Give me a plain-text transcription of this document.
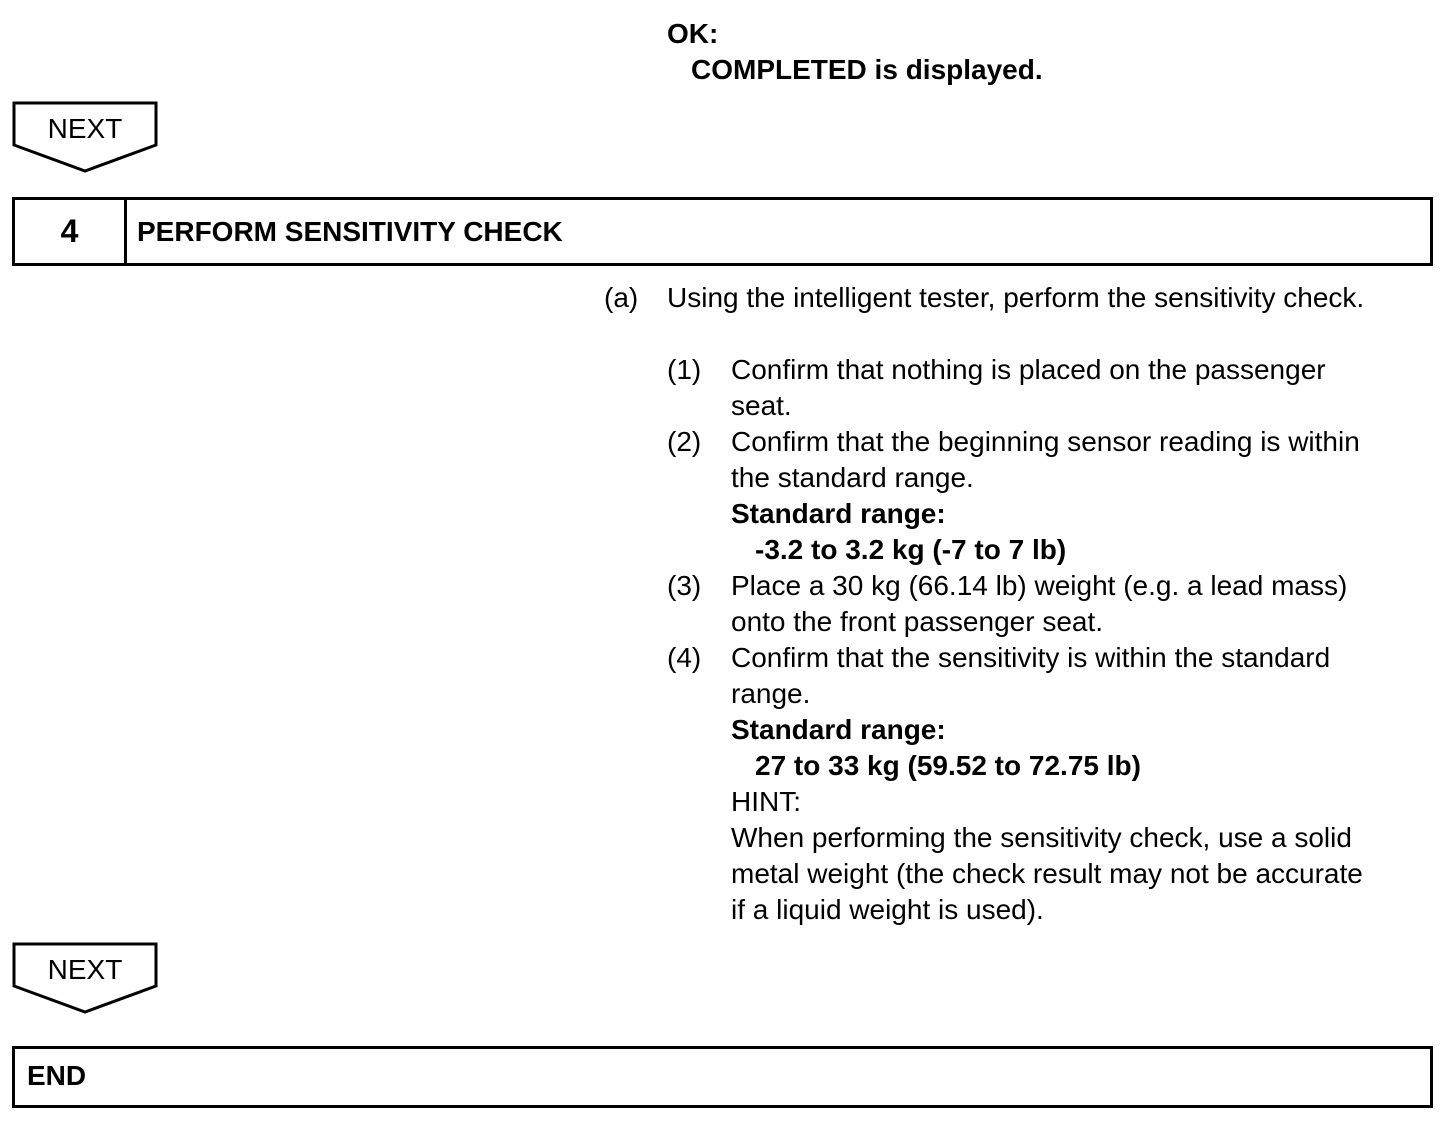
OK:
COMPLETED is displayed.
NEXT
4	PERFORM SENSITIVITY CHECK
(a) Using the intelligent tester, perform the sensitivity check.
(1) Confirm that nothing is placed on the passenger
seat.
(2) Confirm that the beginning sensor reading is within
the standard range.
Standard range:
-3.2 to 3.2 kg (-7 to 7 lb)
(3) Place a 30 kg (66.14 lb) weight (e.g. a lead mass)
onto the front passenger seat.
(4) Confirm that the sensitivity is within the standard
range.
Standard range:
27 to 33 kg (59.52 to 72.75 lb)
HINT:
When performing the sensitivity check, use a solid
metal weight (the check result may not be accurate
if a liquid weight is used).
NEXT
END
